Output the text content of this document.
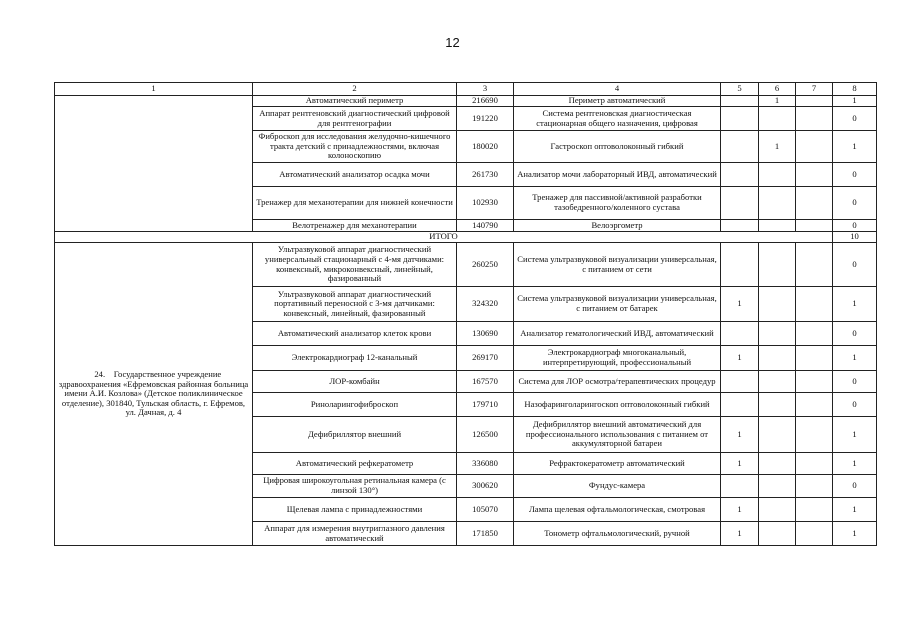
12
1	2	3	4	5	6	7	8
	Автоматический периметр	216690	Периметр автоматический		1		1
	Аппарат рентгеновский диагностический цифровой для рентгенографии	191220	Система рентгеновская диагностическая стационарная общего назначения, цифровая				0
	Фиброскоп для исследования желудочно-кишечного тракта детский с принадлежностями, включая колоноскопию	180020	Гастроскоп оптоволоконный гибкий		1		1
	Автоматический анализатор осадка мочи	261730	Анализатор мочи лабораторный ИВД, автоматический				0
	Тренажер для механотерапии для нижней конечности	102930	Тренажер для пассивной/активной разработки тазобедренного/коленного сустава				0
	Велотренажер для механотерапии	140790	Велоэргометр				0
ИТОГО							10
24. Государственное учреждение здравоохранения «Ефремовская районная больница имени А.И. Козлова» (Детское поликлиническое отделение), 301840, Тульская область, г. Ефремов, ул. Дачная, д. 4	Ультразвуковой аппарат диагностический универсальный стационарный с 4-мя датчиками: конвексный, микроконвексный, линейный, фазированный	260250	Система ультразвуковой визуализации универсальная, с питанием от сети				0
	Ультразвуковой аппарат диагностический портативный переносной с 3-мя датчиками: конвексный, линейный, фазированный	324320	Система ультразвуковой визуализации универсальная, с питанием от батарек	1			1
	Автоматический анализатор клеток крови	130690	Анализатор гематологический ИВД, автоматический				0
	Электрокардиограф 12-канальный	269170	Электрокардиограф многоканальный, интерпретирующий, профессиональный	1			1
	ЛОР-комбайн	167570	Система для ЛОР осмотра/терапевтических процедур				0
	Риноларингофиброскоп	179710	Назофаринголарингоскоп оптоволоконный гибкий				0
	Дефибриллятор внешний	126500	Дефибриллятор внешний автоматический для профессионального использования с питанием от аккумуляторной батареи	1			1
	Автоматический рефкератометр	336080	Рефрактокератометр автоматический	1			1
	Цифровая широкоугольная ретинальная камера (с линзой 130°)	300620	Фундус-камера				0
	Щелевая лампа с принадлежностями	105070	Лампа щелевая офтальмологическая, смотровая	1			1
	Аппарат для измерения внутриглазного давления автоматический	171850	Тонометр офтальмологический, ручной	1			1
